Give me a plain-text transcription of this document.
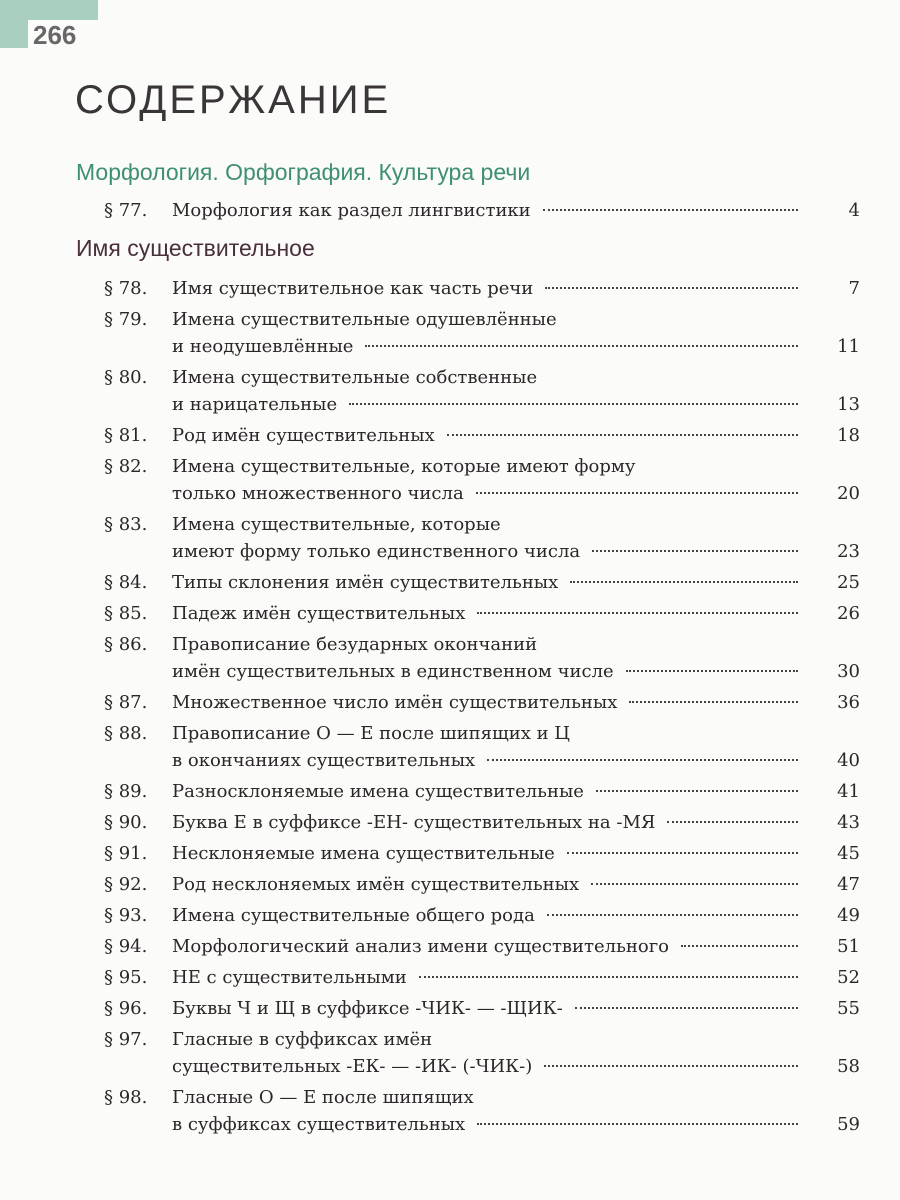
266
СОДЕРЖАНИЕ
Морфология. Орфография. Культура речи
§ 77.	Морфология как раздел лингвистики	4
Имя существительное
§ 78.	Имя существительное как часть речи	7
§ 79.	Имена существительные одушевлённые
и неодушевлённые	11
§ 80.	Имена существительные собственные
и нарицательные	13
§ 81.	Род имён существительных	18
§ 82.	Имена существительные, которые имеют форму
только множественного числа	20
§ 83.	Имена существительные, которые
имеют форму только единственного числа	23
§ 84.	Типы склонения имён существительных	25
§ 85.	Падеж имён существительных	26
§ 86.	Правописание безударных окончаний
имён существительных в единственном числе	30
§ 87.	Множественное число имён существительных	36
§ 88.	Правописание О — Е после шипящих и Ц
в окончаниях существительных	40
§ 89.	Разносклоняемые имена существительные	41
§ 90.	Буква Е в суффиксе -ЕН- существительных на -МЯ	43
§ 91.	Несклоняемые имена существительные	45
§ 92.	Род несклоняемых имён существительных	47
§ 93.	Имена существительные общего рода	49
§ 94.	Морфологический анализ имени существительного	51
§ 95.	НЕ с существительными	52
§ 96.	Буквы Ч и Щ в суффиксе -ЧИК- — -ЩИК-	55
§ 97.	Гласные в суффиксах имён
существительных -ЕК- — -ИК- (-ЧИК-)	58
§ 98.	Гласные О — Е после шипящих
в суффиксах существительных	59
